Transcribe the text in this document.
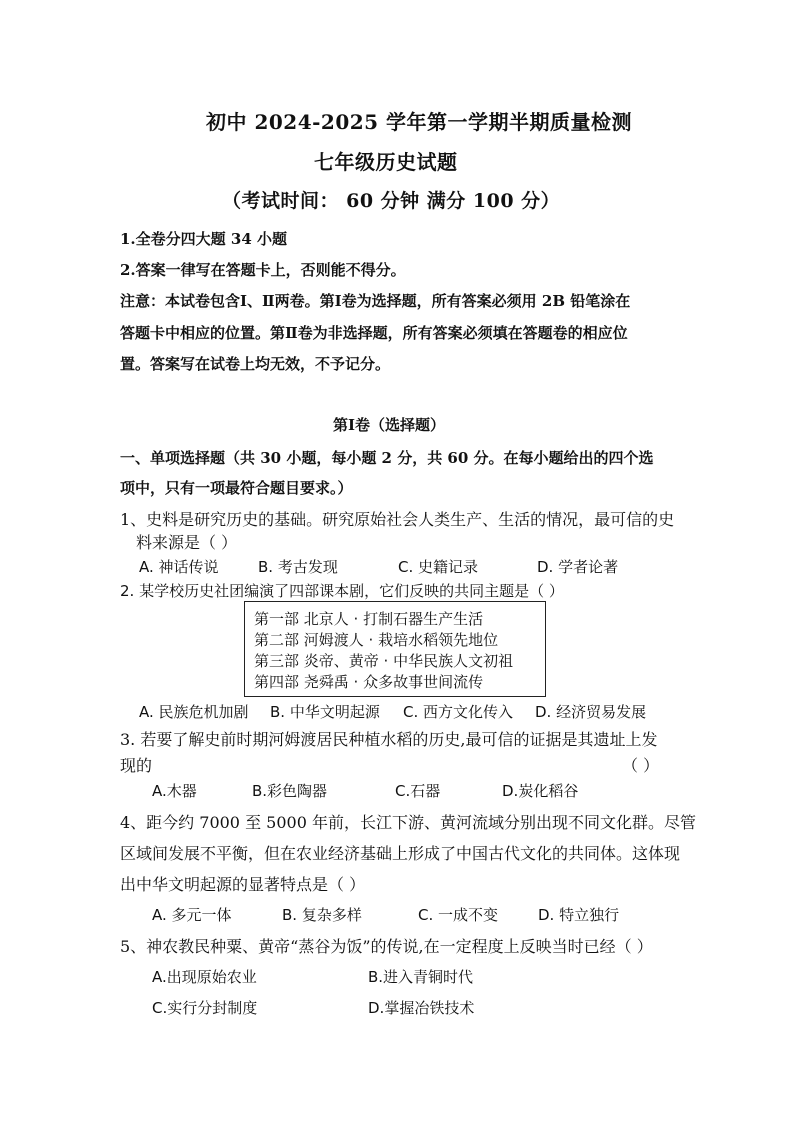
初中 2024-2025 学年第一学期半期质量检测
七年级历史试题
（考试时间： 60 分钟 满分 100 分）
1.全卷分四大题 34 小题
2.答案一律写在答题卡上，否则能不得分。
注意：本试卷包含Ⅰ、Ⅱ两卷。第Ⅰ卷为选择题，所有答案必须用 2B 铅笔涂在
答题卡中相应的位置。第Ⅱ卷为非选择题，所有答案必须填在答题卷的相应位
置。答案写在试卷上均无效，不予记分。
第Ⅰ卷（选择题）
一、单项选择题（共 30 小题，每小题 2 分，共 60 分。在每小题给出的四个选
项中，只有一项最符合题目要求。）
1、史料是研究历史的基础。研究原始社会人类生产、生活的情况，最可信的史
料来源是（ ）
A. 神话传说	B. 考古发现	C. 史籍记录	D. 学者论著
2. 某学校历史社团编演了四部课本剧，它们反映的共同主题是（ ）
第一部 北京人 · 打制石器生产生活
第二部 河姆渡人 · 栽培水稻领先地位
第三部 炎帝、黄帝 · 中华民族人文初祖
第四部 尧舜禹 · 众多故事世间流传
A. 民族危机加剧 B. 中华文明起源 C. 西方文化传入 D. 经济贸易发展
3. 若要了解史前时期河姆渡居民种植水稻的历史,最可信的证据是其遗址上发
现的	（ ）
A.木器	B.彩色陶器	C.石器	D.炭化稻谷
4、距今约 7000 至 5000 年前，长江下游、黄河流域分别出现不同文化群。尽管
区域间发展不平衡，但在农业经济基础上形成了中国古代文化的共同体。这体现
出中华文明起源的显著特点是（ ）
A. 多元一体	B. 复杂多样	C. 一成不变	D. 特立独行
5、神农教民种粟、黄帝“蒸谷为饭”的传说,在一定程度上反映当时已经（ ）
A.出现原始农业	B.进入青铜时代
C.实行分封制度	D.掌握冶铁技术
